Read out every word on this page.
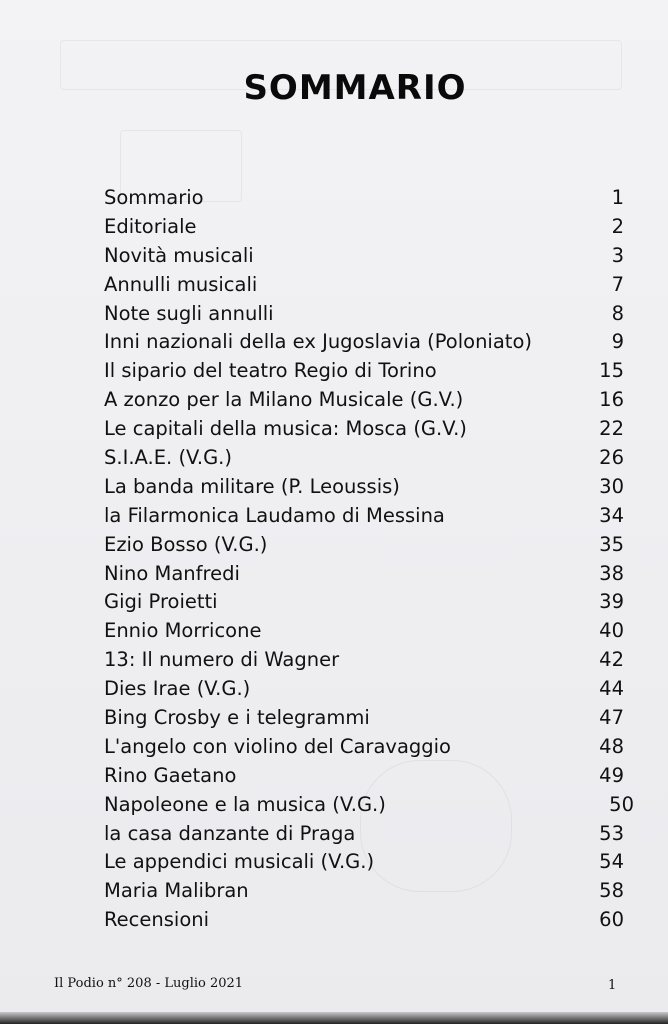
SOMMARIO
Sommario	1
Editoriale	2
Novità musicali	3
Annulli musicali	7
Note sugli annulli	8
Inni nazionali della ex Jugoslavia (Poloniato)	9
Il sipario del teatro Regio di Torino	15
A zonzo per la Milano Musicale (G.V.)	16
Le capitali della musica: Mosca (G.V.)	22
S.I.A.E. (V.G.)	26
La banda militare (P. Leoussis)	30
la Filarmonica Laudamo di Messina	34
Ezio Bosso (V.G.)	35
Nino Manfredi	38
Gigi Proietti	39
Ennio Morricone	40
13: Il numero di Wagner	42
Dies Irae (V.G.)	44
Bing Crosby e i telegrammi	47
L'angelo con violino del Caravaggio	48
Rino Gaetano	49
Napoleone e la musica (V.G.)	50
la casa danzante di Praga	53
Le appendici musicali (V.G.)	54
Maria Malibran	58
Recensioni	60
Il Podio n° 208 - Luglio 2021	1
